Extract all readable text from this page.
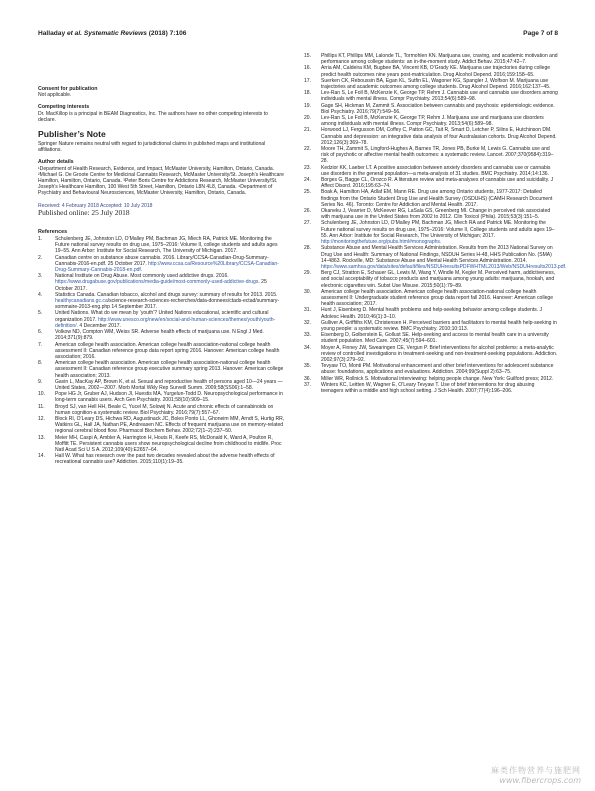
Halladay et al. Systematic Reviews (2018) 7:106	Page 7 of 8

Consent for publication

Not applicable.

Competing interests

Dr. MacKillop is a principal in BEAM Diagnostics, Inc. The authors have no other competing interests to declare.

Publisher’s Note

Springer Nature remains neutral with regard to jurisdictional claims in published maps and institutional affiliations.

Author details

¹Department of Health Research, Evidence, and Impact, McMaster University, Hamilton, Ontario, Canada. ²Michael G. De Groote Centre for Medicinal Cannabis Research, McMaster University/St. Joseph’s Healthcare Hamilton, Hamilton, Ontario, Canada. ³Peter Boris Centre for Addictions Research, McMaster University/St. Joseph’s Healthcare Hamilton, 100 West 5th Street, Hamilton, Ontario L8N 4L8, Canada. ⁴Department of Psychiatry and Behavioural Neurosciences, McMaster University, Hamilton, Ontario, Canada.

Received: 4 February 2018 Accepted: 10 July 2018

Published online: 25 July 2018

References

1.	Schulenberg JE, Johnston LD, O’Malley PM, Bachman JG, Miech RA, Patrick ME. Monitoring the Future national survey results on drug use, 1975–2016: Volume II, college students and adults ages 19–55. Ann Arbor: Institute for Social Research, The University of Michigan. 2017.
2.	Canadian centre on substance abuse cannabis. 2016. Library/CCSA-Canadian-Drug-Summary-Cannabis-2016-en.pdf. 25 October 2017. http://www.ccsa.ca/Resource%20Library/CCSA-Canadian-Drug-Summary-Cannabis-2018-en.pdf.
3.	National Institute on Drug Abuse. Most commonly used addictive drugs. 2016. https://www.drugabuse.gov/publications/media-guide/most-commonly-used-addictive-drugs. 25 October 2017.
4.	Statistics Canada. Canadian tobacco, alcohol and drugs survey: summary of results for 2013. 2015. healthycanadians.gc.ca/science-research-sciences-recherches/data-donnees/ctads-ectad/summary-sommaire-2013-eng.php 14 September 2017.
5.	United Nations. What do we mean by ‘youth’? United Nations educational, scientific and cultural organization 2017. http://www.unesco.org/new/en/social-and-human-sciences/themes/youth/youth-definition/. 4 December 2017.
6.	Volkow ND, Compton WM, Weiss SR. Adverse health effects of marijuana use. N Engl J Med. 2014;371(9):879.
7.	American college health association. American college health association-national college health assessment II: Canadian reference group data report spring 2016. Hanover: American college health association; 2016.
8.	American college health association. American college health association-national college health assessment II: Canadian reference group executive summary spring 2013. Hanover: American college health association; 2013.
9.	Gavin L, MacKay AP, Brown K, et al. Sexual and reproductive health of persons aged 10—24 years — United States, 2002—2007. Morb Mortal Wkly Rep Surveill Summ. 2009;58(SS06):1–58.
10. Pope HG Jr, Gruber AJ, Hudson JI, Huestis MA, Yurgelun-Todd D. Neuropsychological performance in long-term cannabis users. Arch Gen Psychiatry. 2001;58(10):909–15.
11. Broyd SJ, van Hell HH, Beale C, Yucel M, Solowij N. Acute and chronic effects of cannabinoids on human cognition-a systematic review. Biol Psychiatry. 2016;79(7):557–67.
12. Block RI, O’Leary DS, Hichwa RD, Augustinack JC, Boles Ponto LL, Ghoneim MM, Arndt S, Hurtig RR, Watkins GL, Hall JA, Nathan PE, Andreasen NC. Effects of frequent marijuana use on memory-related regional cerebral blood flow. Pharmacol Biochem Behav. 2002;72(1–2):237–50.
13. Meier MH, Caspi A, Ambler A, Harrington H, Houts R, Keefe RS, McDonald K, Ward A, Poulton R, Moffitt TE. Persistent cannabis users show neuropsychological decline from childhood to midlife. Proc Natl Acad Sci U S A. 2012;109(40):E2657–64.
14. Hall W. What has research over the past two decades revealed about the adverse health effects of recreational cannabis use? Addiction. 2015;110(1):19–35.
15. Phillips KT, Phillips MM, Lalonde TL, Tormohlen KN. Marijuana use, craving, and academic motivation and performance among college students: an in-the-moment study. Addict Behav. 2015;47:42–7.
16. Arria AM, Caldeira KM, Bugbee BA, Vincent KB, O’Grady KE. Marijuana use trajectories during college predict health outcomes nine years post-matriculation. Drug Alcohol Depend. 2016;159:158–65.
17. Suerken CK, Reboussin BA, Egan KL, Sutfin EL, Wagoner KG, Spangler J, Wolfson M. Marijuana use trajectories and academic outcomes among college students. Drug Alcohol Depend. 2016;162:137–45.
18. Lev-Ran S, Le Foll B, McKenzie K, George TP, Rehm J. Cannabis use and cannabis use disorders among individuals with mental illness. Compr Psychiatry. 2013;54(6):589–98.
19. Gage SH, Hickman M, Zammit S. Association between cannabis and psychosis: epidemiologic evidence. Biol Psychiatry. 2016;79(7):549–56.
20. Lev-Ran S, Le Foll B, McKenzie K, George TP, Rehm J. Marijuana use and marijuana use disorders among individuals with mental illness. Compr Psychiatry. 2013;54(6):589–98.
21. Horwood LJ, Fergusson DM, Coffey C, Patton GC, Tait R, Smart D, Letcher P, Silins E, Hutchinson DM. Cannabis and depression: an integrative data analysis of four Australasian cohorts. Drug Alcohol Depend. 2012;126(3):369–78.
22. Moore TH, Zammit S, Lingford-Hughes A, Barnes TR, Jones PB, Burke M, Lewis G. Cannabis use and risk of psychotic or affective mental health outcomes: a systematic review. Lancet. 2007;370(9584):319–28.
23. Kedzior KK, Laeber LT. A positive association between anxiety disorders and cannabis use or cannabis use disorders in the general population—a meta-analysis of 31 studies. BMC Psychiatry. 2014;14:136.
24. Borges G, Bagge CL, Orozco R. A literature review and meta-analyses of cannabis use and suicidality. J Affect Disord. 2016;195:63–74.
25. Boak A, Hamilton HA, Adlaf EM, Mann RE. Drug use among Ontario students, 1977-2017: Detailed findings from the Ontario Student Drug Use and Health Survey (OSDUHS) (CAMH Research Document Series No. 46). Toronto: Centre for Addiction and Mental Health. 2017.
26. Okaneku J, Vearrier D, McKeever RG, LaSala GS, Greenberg MI. Change in perceived risk associated with marijuana use in the United States from 2002 to 2012. Clin Toxicol (Phila). 2015;53(3):151–5.
27. Schulenberg JE, Johnston LD, O’Malley PM, Bachman JG, Miech RA and Patrick ME. Monitoring the Future national survey results on drug use, 1975–2016: Volume II, College students and adults ages 19–55. Ann Arbor: Institute for Social Research, The University of Michigan; 2017. http://monitoringthefuture.org/pubs.html#monographs.
28. Substance Abuse and Mental Health Services Administration. Results from the 2013 National Survey on Drug Use and Health: Summary of National Findings, NSDUH Series H-48, HHS Publication No. (SMA) 14-4863. Rockville, MD: Substance Abuse and Mental Health Services Administration. 2014. https://www.samhsa.gov/data/sites/default/files/NSDUHresultsPDFWHTML2013/Web/NSDUHresults2013.pdf.
29. Berg CJ, Stratton E, Schauer GL, Lewis M, Wang Y, Windle M, Kegler M. Perceived harm, addictiveness, and social acceptability of tobacco products and marijuana among young adults: marijuana, hookah, and electronic cigarettes win. Subst Use Misuse. 2015;50(1):79–89.
30. American college health association. American college health association-national college health assessment II: Undergraduate student reference group data report fall 2016. Hanover: American college health association; 2017.
31. Hunt J, Eisenberg D. Mental health problems and help-seeking behavior among college students. J Adolesc Health. 2010;46(1):3–10.
32. Gulliver A, Griffiths KM, Christensen H. Perceived barriers and facilitators to mental health help-seeking in young people: a systematic review. BMC Psychiatry. 2010;10:113.
33. Eisenberg D, Golberstein E, Gollust SE. Help-seeking and access to mental health care in a university student population. Med Care. 2007;45(7):594–601.
34. Moyer A, Finney JW, Swearingen CE, Vergun P. Brief interventions for alcohol problems: a meta-analytic review of controlled investigations in treatment-seeking and non-treatment-seeking populations. Addiction. 2002;97(3):279–92.
35. Tevyaw TO, Monti PM. Motivational enhancement and other brief interventions for adolescent substance abuse: foundations, applications and evaluations. Addiction. 2004;99(Suppl 2):63–75.
36. Miller WR, Rollnick S. Motivational interviewing: helping people change. New York: Guilford press; 2012.
37. Winters KC, Leitten W, Wagner E, O’Leary Tevyaw T. Use of brief interventions for drug abusing teenagers within a middle and high school setting. J Sch Health. 2007;77(4):196–206.
麻类作物营养与施肥网
www.fibercrops.com
